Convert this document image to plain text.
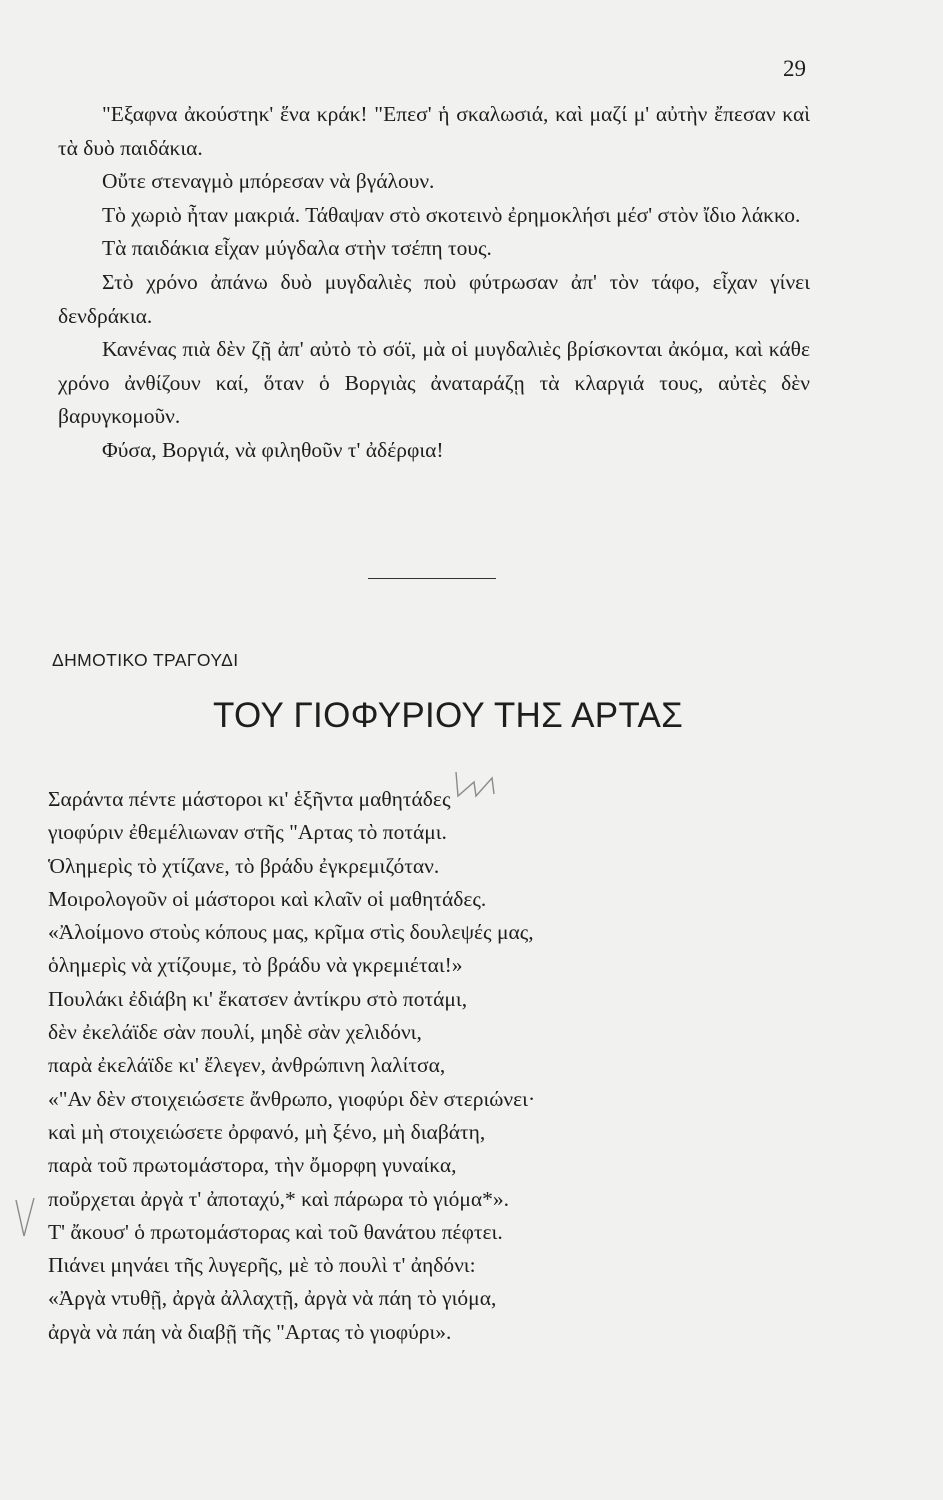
29

"Εξαφνα ἀκούστηκ' ἕνα κράκ! "Επεσ' ἡ σκαλωσιά, καὶ μαζί μ' αὐτὴν ἔπεσαν καὶ τὰ δυὸ παιδάκια.

Οὔτε στεναγμὸ μπόρεσαν νὰ βγάλουν.

Τὸ χωριὸ ἦταν μακριά. Τάθαψαν στὸ σκοτεινὸ ἐρημοκλήσι μέσ' στὸν ἴδιο λάκκο.

Τὰ παιδάκια εἶχαν μύγδαλα στὴν τσέπη τους.

Στὸ χρόνο ἀπάνω δυὸ μυγδαλιὲς ποὺ φύτρωσαν ἀπ' τὸν τάφο, εἶχαν γίνει δενδράκια.

Κανένας πιὰ δὲν ζῇ ἀπ' αὐτὸ τὸ σόϊ, μὰ οἱ μυγδαλιὲς βρίσκονται ἀκόμα, καὶ κάθε χρόνο ἀνθίζουν καί, ὅταν ὁ Βοργιὰς ἀναταράζῃ τὰ κλαργιά τους, αὐτὲς δὲν βαρυγκομοῦν.

Φύσα, Βοργιά, νὰ φιληθοῦν τ' ἀδέρφια!

ΔΗΜΟΤΙΚΟ ΤΡΑΓΟΥΔΙ
ΤΟΥ ΓΙΟΦΥΡΙΟΥ ΤΗΣ ΑΡΤΑΣ
Σαράντα πέντε μάστοροι κι' ἑξῆντα μαθητάδες
γιοφύριν ἐθεμέλιωναν στῆς "Αρτας τὸ ποτάμι.
Ὁλημερὶς τὸ χτίζανε, τὸ βράδυ ἐγκρεμιζόταν.
Μοιρολογοῦν οἱ μάστοροι καὶ κλαῖν οἱ μαθητάδες.
«Ἀλοίμονο στοὺς κόπους μας, κρῖμα στὶς δουλεψές μας,
ὁλημερὶς νὰ χτίζουμε, τὸ βράδυ νὰ γκρεμιέται!»
Πουλάκι ἐδιάβη κι' ἔκατσεν ἀντίκρυ στὸ ποτάμι,
δὲν ἐκελάϊδε σὰν πουλί, μηδὲ σὰν χελιδόνι,
παρὰ ἐκελάϊδε κι' ἔλεγεν, ἀνθρώπινη λαλίτσα,
«"Αν δὲν στοιχειώσετε ἄνθρωπο, γιοφύρι δὲν στεριώνει·
καὶ μὴ στοιχειώσετε ὀρφανό, μὴ ξένο, μὴ διαβάτη,
παρὰ τοῦ πρωτομάστορα, τὴν ὄμορφη γυναίκα,
ποὔρχεται ἀργὰ τ' ἀποταχύ,* καὶ πάρωρα τὸ γιόμα*».
Τ' ἄκουσ' ὁ πρωτομάστορας καὶ τοῦ θανάτου πέφτει.
Πιάνει μηνάει τῆς λυγερῆς, μὲ τὸ πουλὶ τ' ἀηδόνι:
«Ἀργὰ ντυθῇ, ἀργὰ ἀλλαχτῇ, ἀργὰ νὰ πάη τὸ γιόμα,
ἀργὰ νὰ πάη νὰ διαβῇ τῆς "Αρτας τὸ γιοφύρι».
